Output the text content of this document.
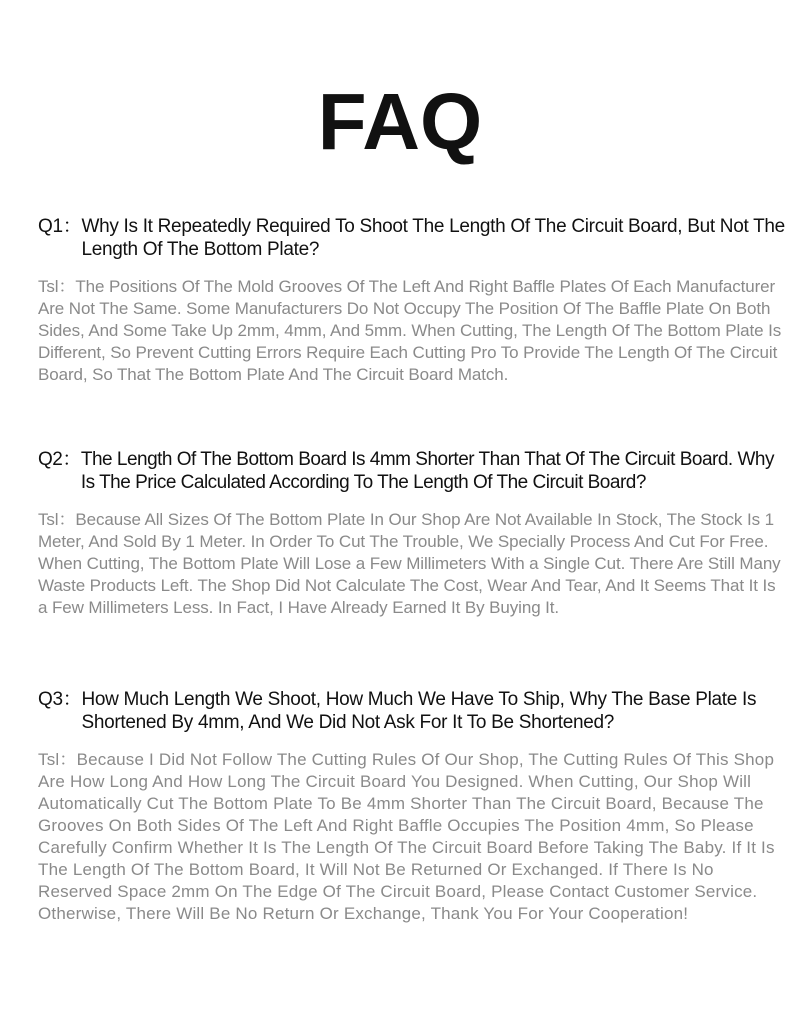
FAQ
Q1： Why Is It Repeatedly Required To Shoot The Length Of The Circuit Board, But Not The Length Of The Bottom Plate?
Tsl：The Positions Of The Mold Grooves Of The Left And Right Baffle Plates Of Each Manufacturer Are Not The Same. Some Manufacturers Do Not Occupy The Position Of The Baffle Plate On Both Sides, And Some Take Up 2mm, 4mm, And 5mm. When Cutting, The Length Of The Bottom Plate Is Different, So Prevent Cutting Errors Require Each Cutting Pro To Provide The Length Of The Circuit Board, So That The Bottom Plate And The Circuit Board Match.
Q2： The Length Of The Bottom Board Is 4mm Shorter Than That Of The Circuit Board. Why Is The Price Calculated According To The Length Of The Circuit Board?
Tsl：Because All Sizes Of The Bottom Plate In Our Shop Are Not Available In Stock, The Stock Is 1 Meter, And Sold By 1 Meter. In Order To Cut The Trouble, We Specially Process And Cut For Free. When Cutting, The Bottom Plate Will Lose a Few Millimeters With a Single Cut. There Are Still Many Waste Products Left. The Shop Did Not Calculate The Cost, Wear And Tear, And It Seems That It Is a Few Millimeters Less. In Fact, I Have Already Earned It By Buying It.
Q3： How Much Length We Shoot, How Much We Have To Ship, Why The Base Plate Is Shortened By 4mm, And We Did Not Ask For It To Be Shortened?
Tsl：Because I Did Not Follow The Cutting Rules Of Our Shop, The Cutting Rules Of This Shop Are How Long And How Long The Circuit Board You Designed. When Cutting, Our Shop Will Automatically Cut The Bottom Plate To Be 4mm Shorter Than The Circuit Board, Because The Grooves On Both Sides Of The Left And Right Baffle Occupies The Position 4mm, So Please Carefully Confirm Whether It Is The Length Of The Circuit Board Before Taking The Baby. If It Is The Length Of The Bottom Board, It Will Not Be Returned Or Exchanged. If There Is No Reserved Space 2mm On The Edge Of The Circuit Board, Please Contact Customer Service. Otherwise, There Will Be No Return Or Exchange, Thank You For Your Cooperation!
